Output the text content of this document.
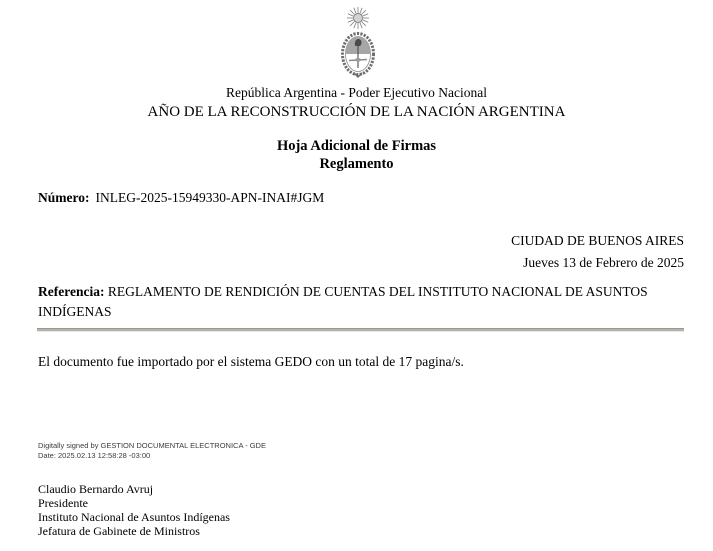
República Argentina - Poder Ejecutivo Nacional
AÑO DE LA RECONSTRUCCIÓN DE LA NACIÓN ARGENTINA
Hoja Adicional de Firmas
Reglamento
Número: INLEG-2025-15949330-APN-INAI#JGM
CIUDAD DE BUENOS AIRES
Jueves 13 de Febrero de 2025
Referencia: REGLAMENTO DE RENDICIÓN DE CUENTAS DEL INSTITUTO NACIONAL DE ASUNTOS INDÍGENAS
El documento fue importado por el sistema GEDO con un total de 17 pagina/s.
Digitally signed by GESTION DOCUMENTAL ELECTRONICA - GDE
Date: 2025.02.13 12:58:28 -03:00
Claudio Bernardo Avruj
Presidente
Instituto Nacional de Asuntos Indígenas
Jefatura de Gabinete de Ministros
